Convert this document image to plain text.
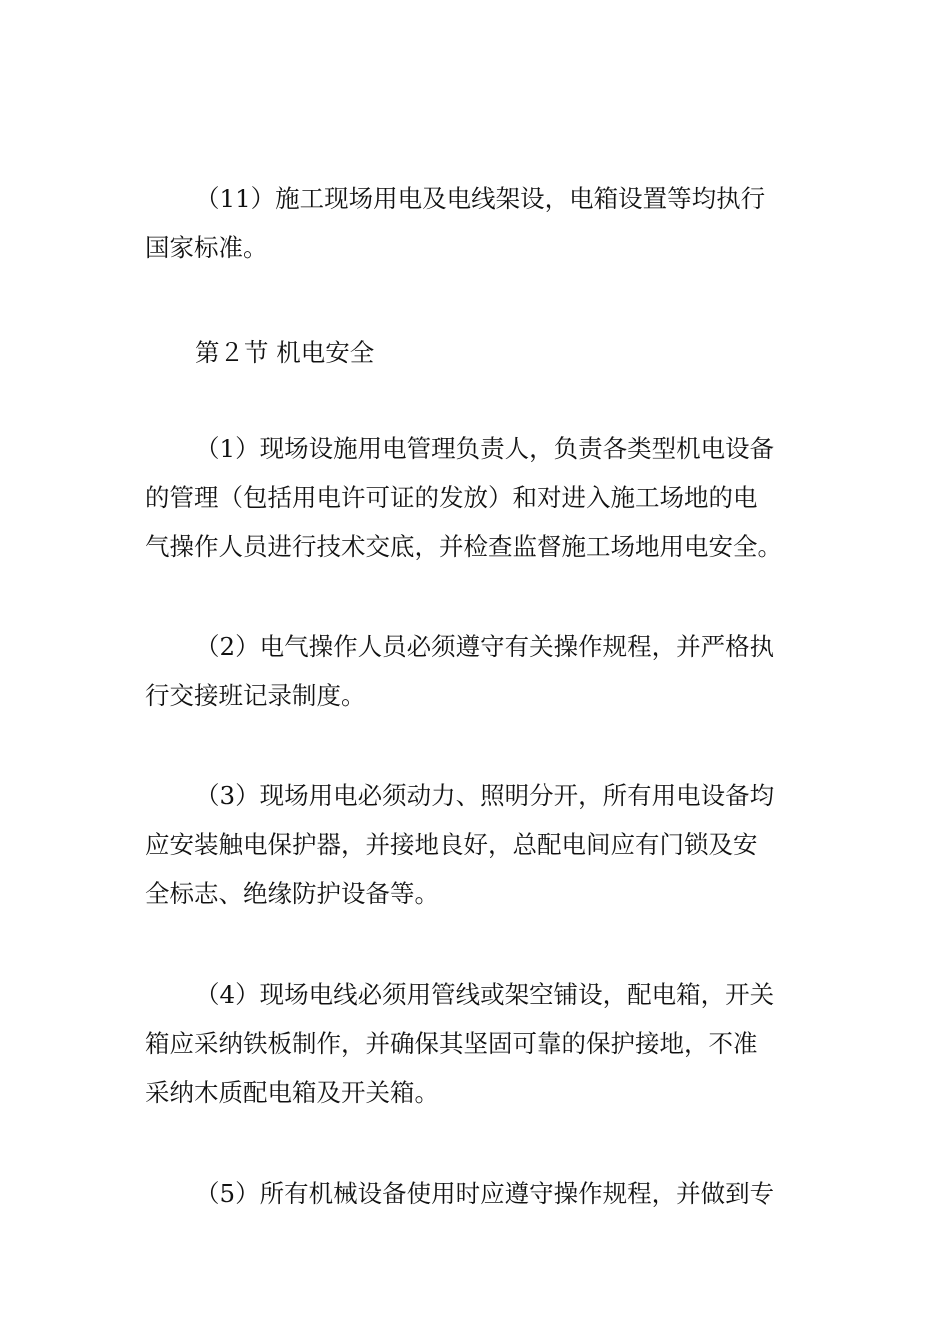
（11）施工现场用电及电线架设，电箱设置等均执行
国家标准。

第２节 机电安全

（1）现场设施用电管理负责人，负责各类型机电设备
的管理（包括用电许可证的发放）和对进入施工场地的电
气操作人员进行技术交底，并检查监督施工场地用电安全。

（2）电气操作人员必须遵守有关操作规程，并严格执
行交接班记录制度。

（3）现场用电必须动力、照明分开，所有用电设备均
应安装触电保护器，并接地良好，总配电间应有门锁及安
全标志、绝缘防护设备等。

（4）现场电线必须用管线或架空铺设，配电箱，开关
箱应采纳铁板制作，并确保其坚固可靠的保护接地，不准
采纳木质配电箱及开关箱。

（5）所有机械设备使用时应遵守操作规程，并做到专
